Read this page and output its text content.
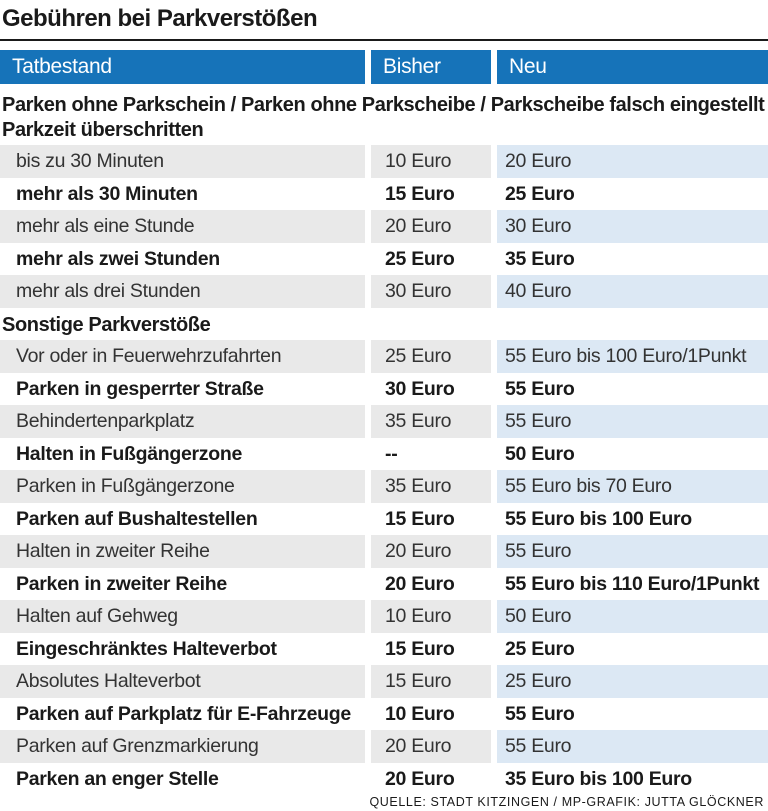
Gebühren bei Parkverstößen
Tatbestand	Bisher	Neu
Parken ohne Parkschein / Parken ohne Parkscheibe / Parkscheibe falsch eingestellt
Parkzeit überschritten
bis zu 30 Minuten	10 Euro	20 Euro
mehr als 30 Minuten	15 Euro	25 Euro
mehr als eine Stunde	20 Euro	30 Euro
mehr als zwei Stunden	25 Euro	35 Euro
mehr als drei Stunden	30 Euro	40 Euro
Sonstige Parkverstöße
Vor oder in Feuerwehrzufahrten	25 Euro	55 Euro bis 100 Euro/1Punkt
Parken in gesperrter Straße	30 Euro	55 Euro
Behindertenparkplatz	35 Euro	55 Euro
Halten in Fußgängerzone	--	50 Euro
Parken in Fußgängerzone	35 Euro	55 Euro bis 70 Euro
Parken auf Bushaltestellen	15 Euro	55 Euro bis 100 Euro
Halten in zweiter Reihe	20 Euro	55 Euro
Parken in zweiter Reihe	20 Euro	55 Euro bis 110 Euro/1Punkt
Halten auf Gehweg	10 Euro	50 Euro
Eingeschränktes Halteverbot	15 Euro	25 Euro
Absolutes Halteverbot	15 Euro	25 Euro
Parken auf Parkplatz für E-Fahrzeuge	10 Euro	55 Euro
Parken auf Grenzmarkierung	20 Euro	55 Euro
Parken an enger Stelle	20 Euro	35 Euro bis 100 Euro
QUELLE: STADT KITZINGEN / MP-GRAFIK: JUTTA GLÖCKNER
